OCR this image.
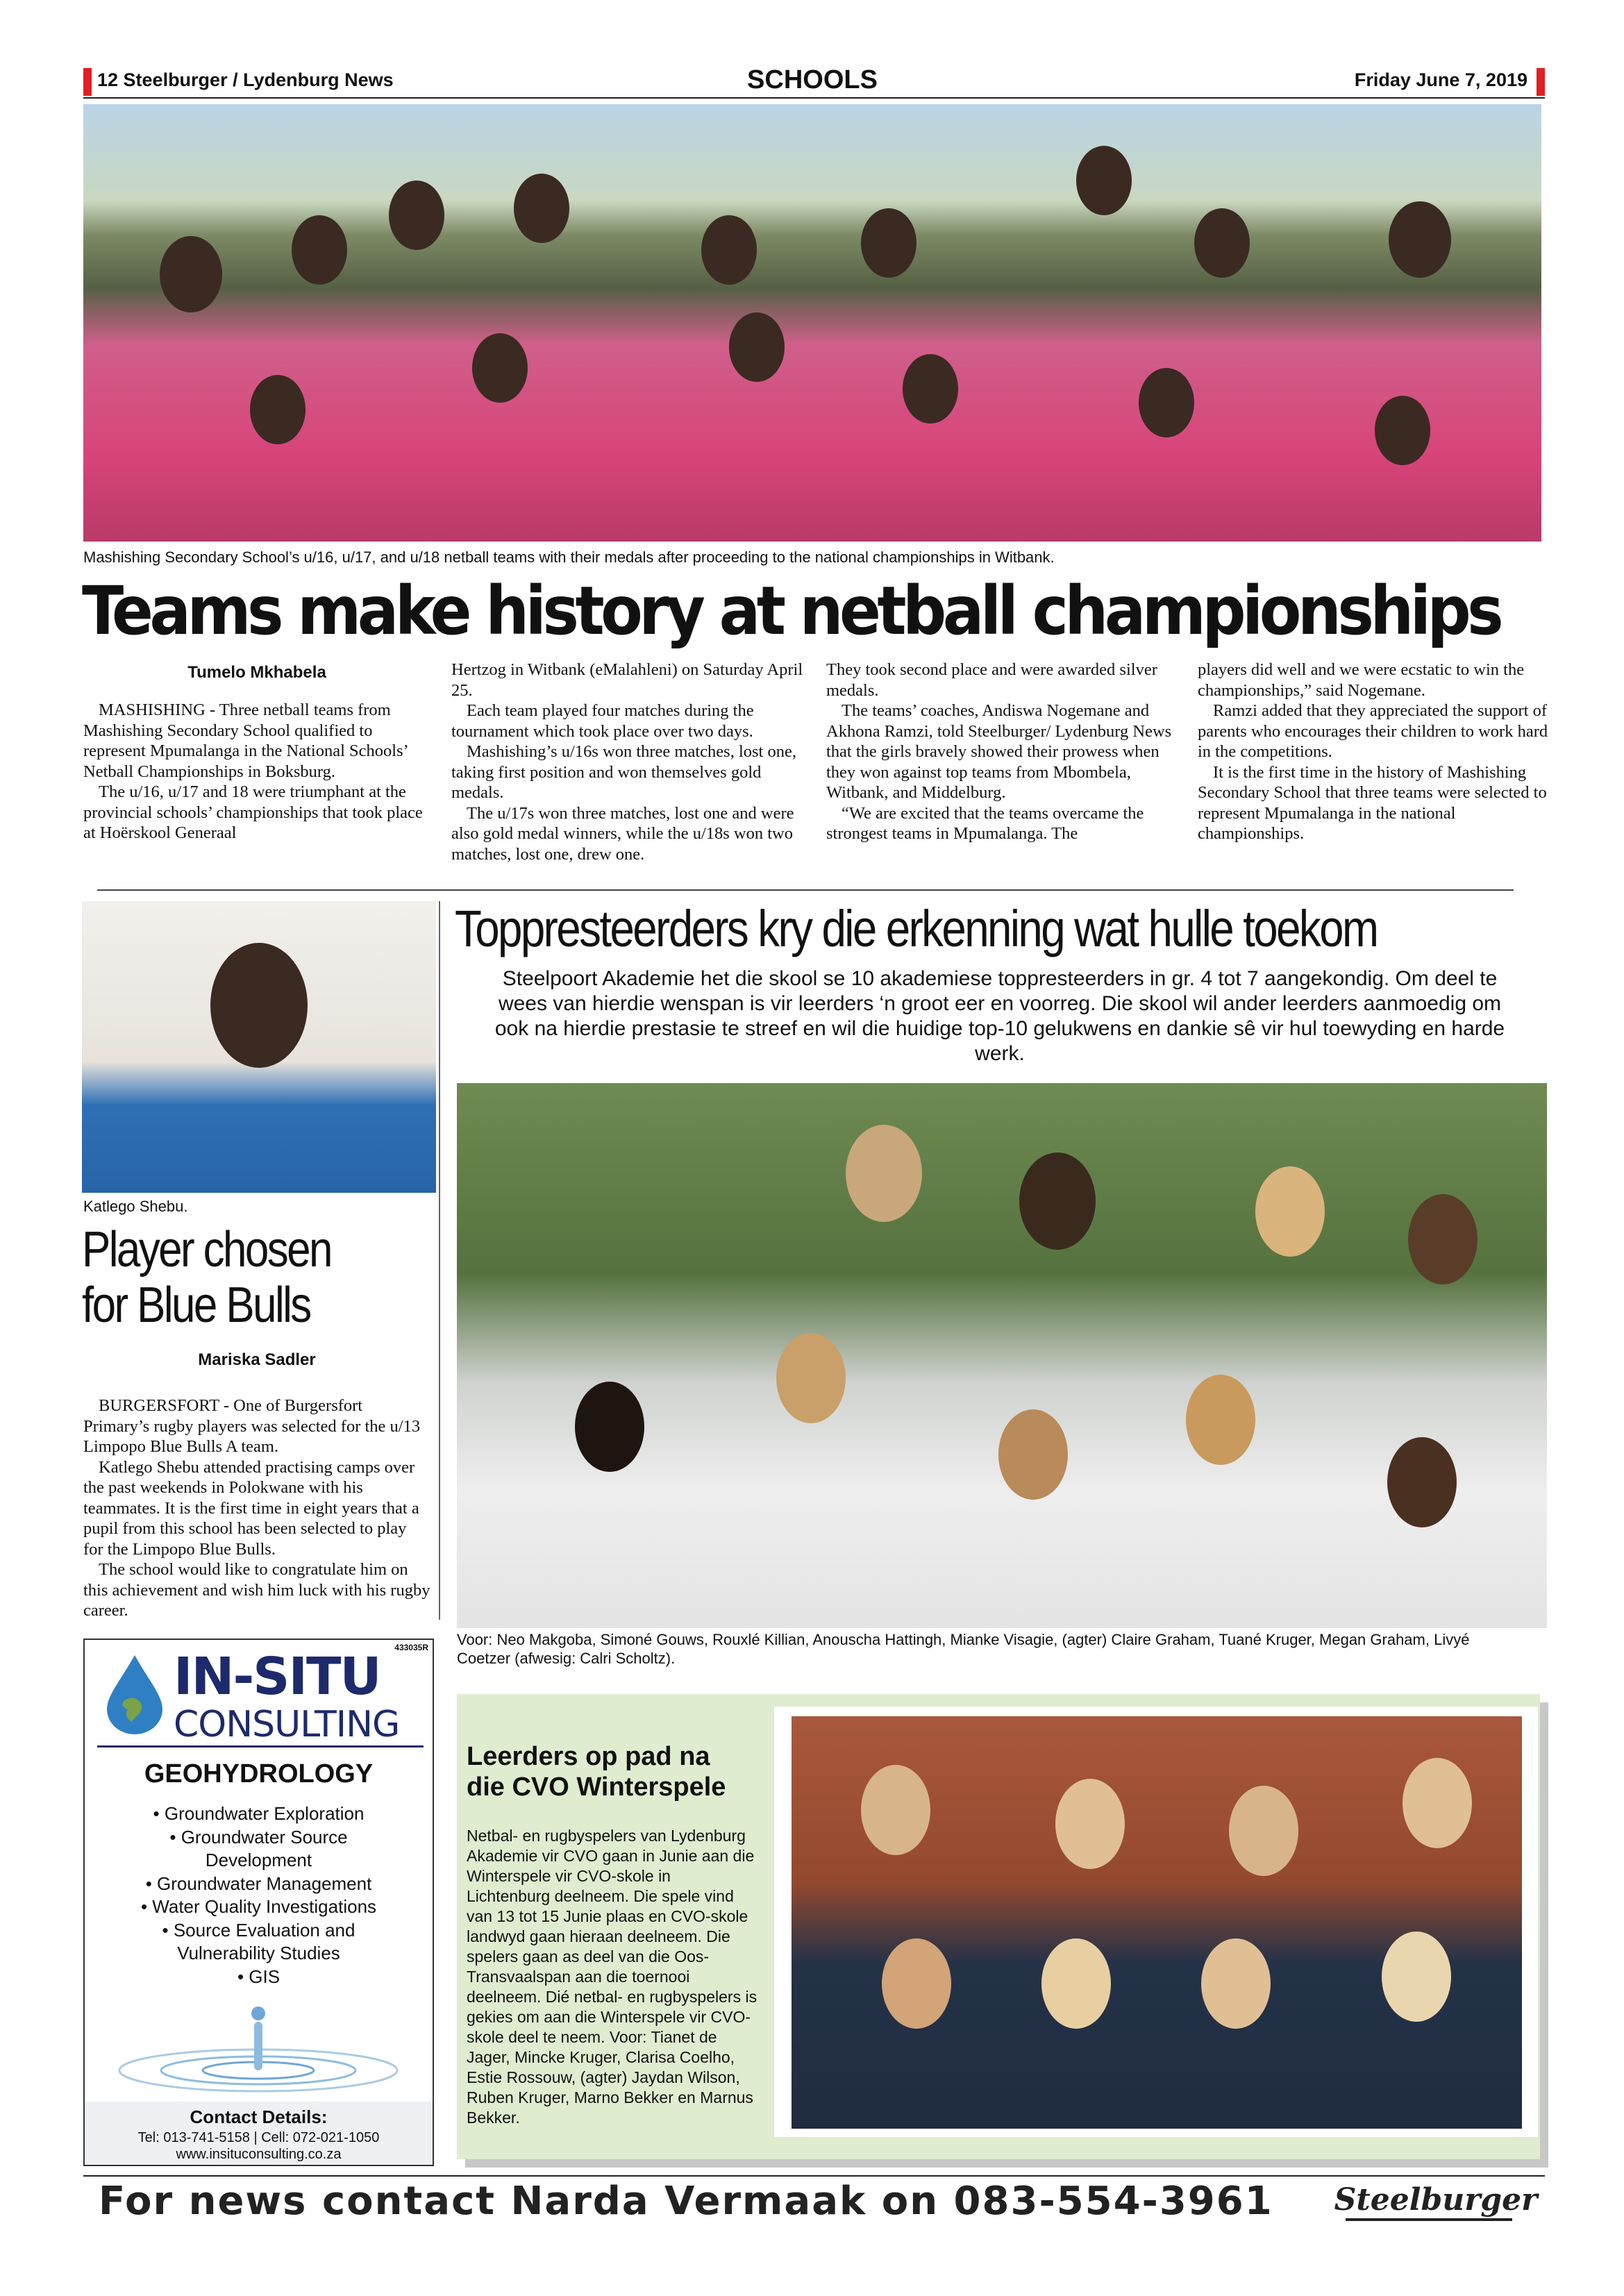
12 Steelburger / Lydenburg News	SCHOOLS	Friday June 7, 2019
Mashishing Secondary School’s u/16, u/17, and u/18 netball teams with their medals after proceeding to the national championships in Witbank.
Teams make history at netball championships
Tumelo Mkhabela

MASHISHING - Three netball teams from Mashishing Secondary School qualified to represent Mpumalanga in the National Schools’ Netball Championships in Boksburg.

The u/16, u/17 and 18 were triumphant at the provincial schools’ championships that took place at Hoërskool Generaal

Hertzog in Witbank (eMalahleni) on Saturday April 25.

Each team played four matches during the tournament which took place over two days.

Mashishing’s u/16s won three matches, lost one, taking first position and won themselves gold medals.

The u/17s won three matches, lost one and were also gold medal winners, while the u/18s won two matches, lost one, drew one.

They took second place and were awarded silver medals.

The teams’ coaches, Andiswa Nogemane and Akhona Ramzi, told Steelburger/ Lydenburg News that the girls bravely showed their prowess when they won against top teams from Mbombela, Witbank, and Middelburg.

“We are excited that the teams overcame the strongest teams in Mpumalanga. The

players did well and we were ecstatic to win the championships,” said Nogemane.

Ramzi added that they appreciated the support of parents who encourages their children to work hard in the competitions.

It is the first time in the history of Mashishing Secondary School that three teams were selected to represent Mpumalanga in the national championships.

Katlego Shebu.
Player chosen
for Blue Bulls
Mariska Sadler

BURGERSFORT - One of Burgersfort Primary’s rugby players was selected for the u/13 Limpopo Blue Bulls A team.

Katlego Shebu attended practising camps over the past weekends in Polokwane with his teammates. It is the first time in eight years that a pupil from this school has been selected to play for the Limpopo Blue Bulls.

The school would like to congratulate him on this achievement and wish him luck with his rugby career.

Toppresteerders kry die erkenning wat hulle toekom
Steelpoort Akademie het die skool se 10 akademiese toppresteerders in gr. 4 tot 7 aangekondig. Om deel te wees van hierdie wenspan is vir leerders ‘n groot eer en voorreg. Die skool wil ander leerders aanmoedig om ook na hierdie prestasie te streef en wil die huidige top-10 gelukwens en dankie sê vir hul toewyding en harde werk.
Voor: Neo Makgoba, Simoné Gouws, Rouxlé Killian, Anouscha Hattingh, Mianke Visagie, (agter) Claire Graham, Tuané Kruger, Megan Graham, Livyé Coetzer (afwesig: Calri Scholtz).
433035R
IN-SITU
CONSULTING
GEOHYDROLOGY
• Groundwater Exploration
• Groundwater Source
Development
• Groundwater Management
• Water Quality Investigations
• Source Evaluation and
Vulnerability Studies
• GIS
Contact Details:
Tel: 013-741-5158 | Cell: 072-021-1050
www.insituconsulting.co.za
Leerders op pad na
die CVO Winterspele
Netbal- en rugbyspelers van Lydenburg Akademie vir CVO gaan in Junie aan die Winterspele vir CVO-skole in Lichtenburg deelneem. Die spele vind van 13 tot 15 Junie plaas en CVO-skole landwyd gaan hieraan deelneem. Die spelers gaan as deel van die Oos-Transvaalspan aan die toernooi deelneem. Dié netbal- en rugbyspelers is gekies om aan die Winterspele vir CVO-skole deel te neem. Voor: Tianet de Jager, Mincke Kruger, Clarisa Coelho, Estie Rossouw, (agter) Jaydan Wilson, Ruben Kruger, Marno Bekker en Marnus Bekker.
For news contact Narda Vermaak on 083-554-3961 Steelburger
